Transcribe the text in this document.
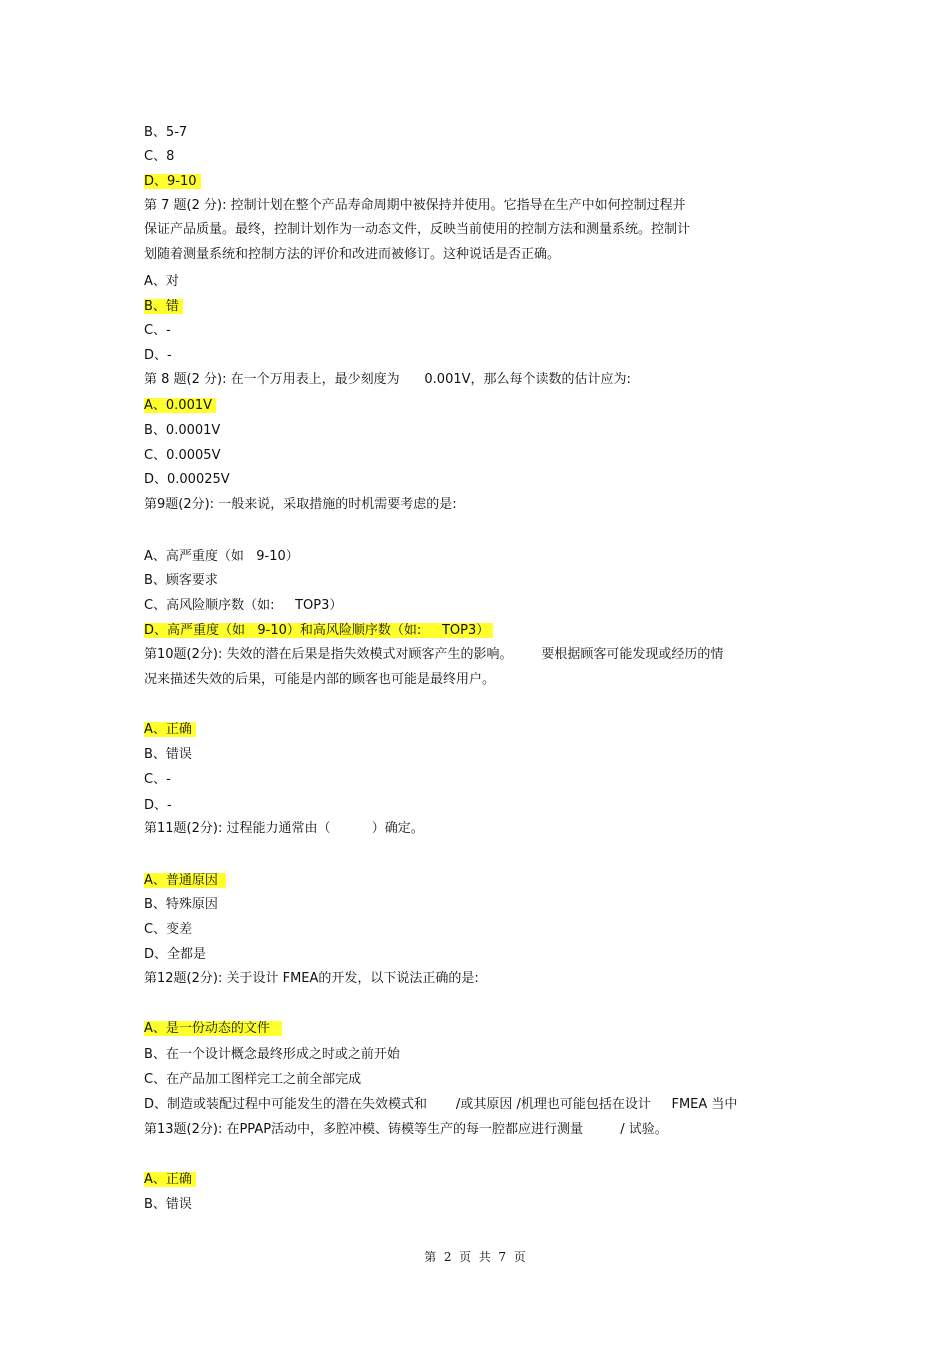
B、5-7
C、8
D、9-10
第 7 题(2 分): 控制计划在整个产品寿命周期中被保持并使用。它指导在生产中如何控制过程并
保证产品质量。最终，控制计划作为一动态文件，反映当前使用的控制方法和测量系统。控制计
划随着测量系统和控制方法的评价和改进而被修订。这种说话是否正确。
A、对
B、错
C、-
D、-
第 8 题(2 分): 在一个万用表上，最少刻度为      0.001V，那么每个读数的估计应为:
A、0.001V
B、0.0001V
C、0.0005V
D、0.00025V
第9题(2分): 一般来说，采取措施的时机需要考虑的是:
A、高严重度（如   9-10）
B、顾客要求
C、高风险顺序数（如:     TOP3）
D、高严重度（如   9-10）和高风险顺序数（如:     TOP3）
第10题(2分): 失效的潜在后果是指失效模式对顾客产生的影响。       要根据顾客可能发现或经历的情
况来描述失效的后果，可能是内部的顾客也可能是最终用户。
A、正确
B、错误
C、-
D、-
第11题(2分): 过程能力通常由（          ）确定。
A、普通原因
B、特殊原因
C、变差
D、全都是
第12题(2分): 关于设计 FMEA的开发，以下说法正确的是:
A、是一份动态的文件
B、在一个设计概念最终形成之时或之前开始
C、在产品加工图样完工之前全部完成
D、制造或装配过程中可能发生的潜在失效模式和       /或其原因 /机理也可能包括在设计     FMEA 当中
第13题(2分): 在PPAP活动中，多腔冲模、铸模等生产的每一腔都应进行测量         / 试验。
A、正确
B、错误
第  2  页  共  7  页
